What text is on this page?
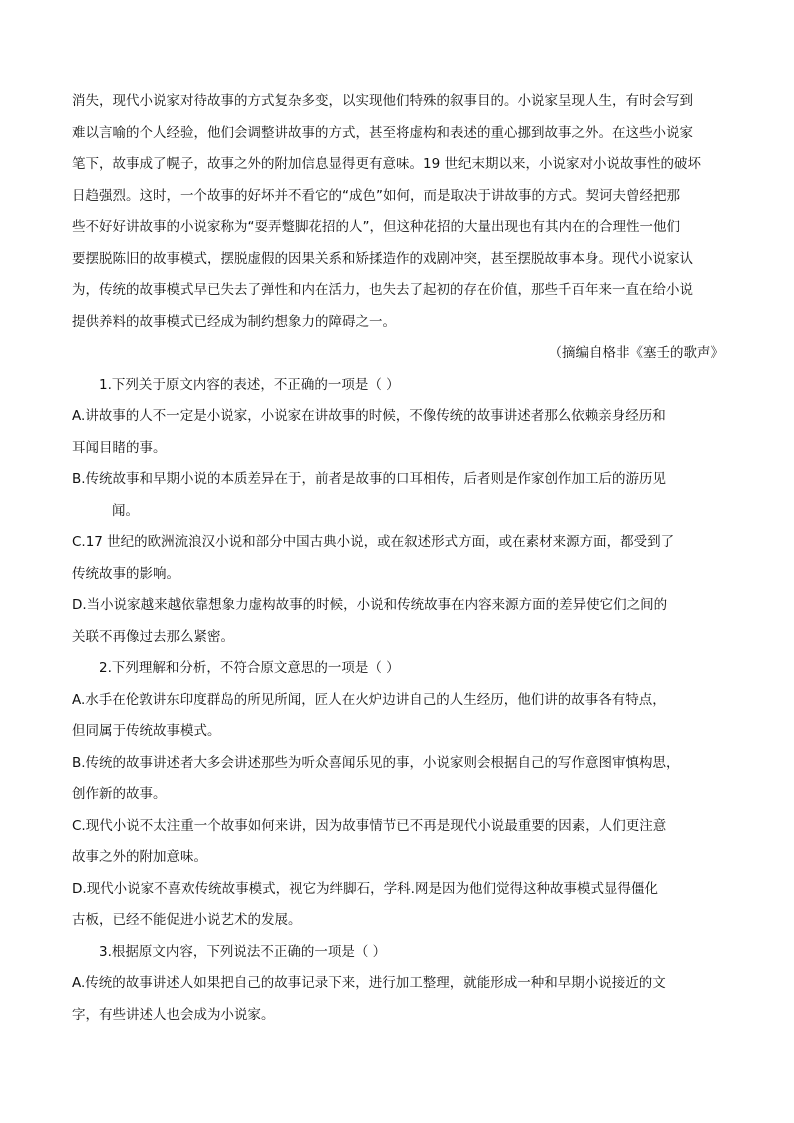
消失，现代小说家对待故事的方式复杂多变，以实现他们特殊的叙事目的。小说家呈现人生，有时会写到
难以言喻的个人经验，他们会调整讲故事的方式，甚至将虚构和表述的重心挪到故事之外。在这些小说家
笔下，故事成了幌子，故事之外的附加信息显得更有意味。19 世纪末期以来，小说家对小说故事性的破坏
日趋强烈。这时，一个故事的好坏并不看它的“成色”如何，而是取决于讲故事的方式。契诃夫曾经把那
些不好好讲故事的小说家称为“耍弄蹩脚花招的人”，但这种花招的大量出现也有其内在的合理性一他们
要摆脱陈旧的故事模式，摆脱虚假的因果关系和矫揉造作的戏剧冲突，甚至摆脱故事本身。现代小说家认
为，传统的故事模式早已失去了弹性和内在活力，也失去了起初的存在价值，那些千百年来一直在给小说
提供养料的故事模式已经成为制约想象力的障碍之一。
（摘编自格非《塞壬的歌声》
1.下列关于原文内容的表述，不正确的一项是（ ）
A.讲故事的人不一定是小说家，小说家在讲故事的时候，不像传统的故事讲述者那么依赖亲身经历和
耳闻目睹的事。
B.传统故事和早期小说的本质差异在于，前者是故事的口耳相传，后者则是作家创作加工后的游历见
闻。
C.17 世纪的欧洲流浪汉小说和部分中国古典小说，或在叙述形式方面，或在素材来源方面，都受到了
传统故事的影响。
D.当小说家越来越依靠想象力虚构故事的时候，小说和传统故事在内容来源方面的差异使它们之间的
关联不再像过去那么紧密。
2.下列理解和分析，不符合原文意思的一项是（ ）
A.水手在伦敦讲东印度群岛的所见所闻，匠人在火炉边讲自己的人生经历，他们讲的故事各有特点，
但同属于传统故事模式。
B.传统的故事讲述者大多会讲述那些为听众喜闻乐见的事，小说家则会根据自己的写作意图审慎构思，
创作新的故事。
C.现代小说不太注重一个故事如何来讲，因为故事情节已不再是现代小说最重要的因素，人们更注意
故事之外的附加意味。
D.现代小说家不喜欢传统故事模式，视它为绊脚石，学科.网是因为他们觉得这种故事模式显得僵化
古板，已经不能促进小说艺术的发展。
3.根据原文内容，下列说法不正确的一项是（ ）
A.传统的故事讲述人如果把自己的故事记录下来，进行加工整理，就能形成一种和早期小说接近的文
字，有些讲述人也会成为小说家。
